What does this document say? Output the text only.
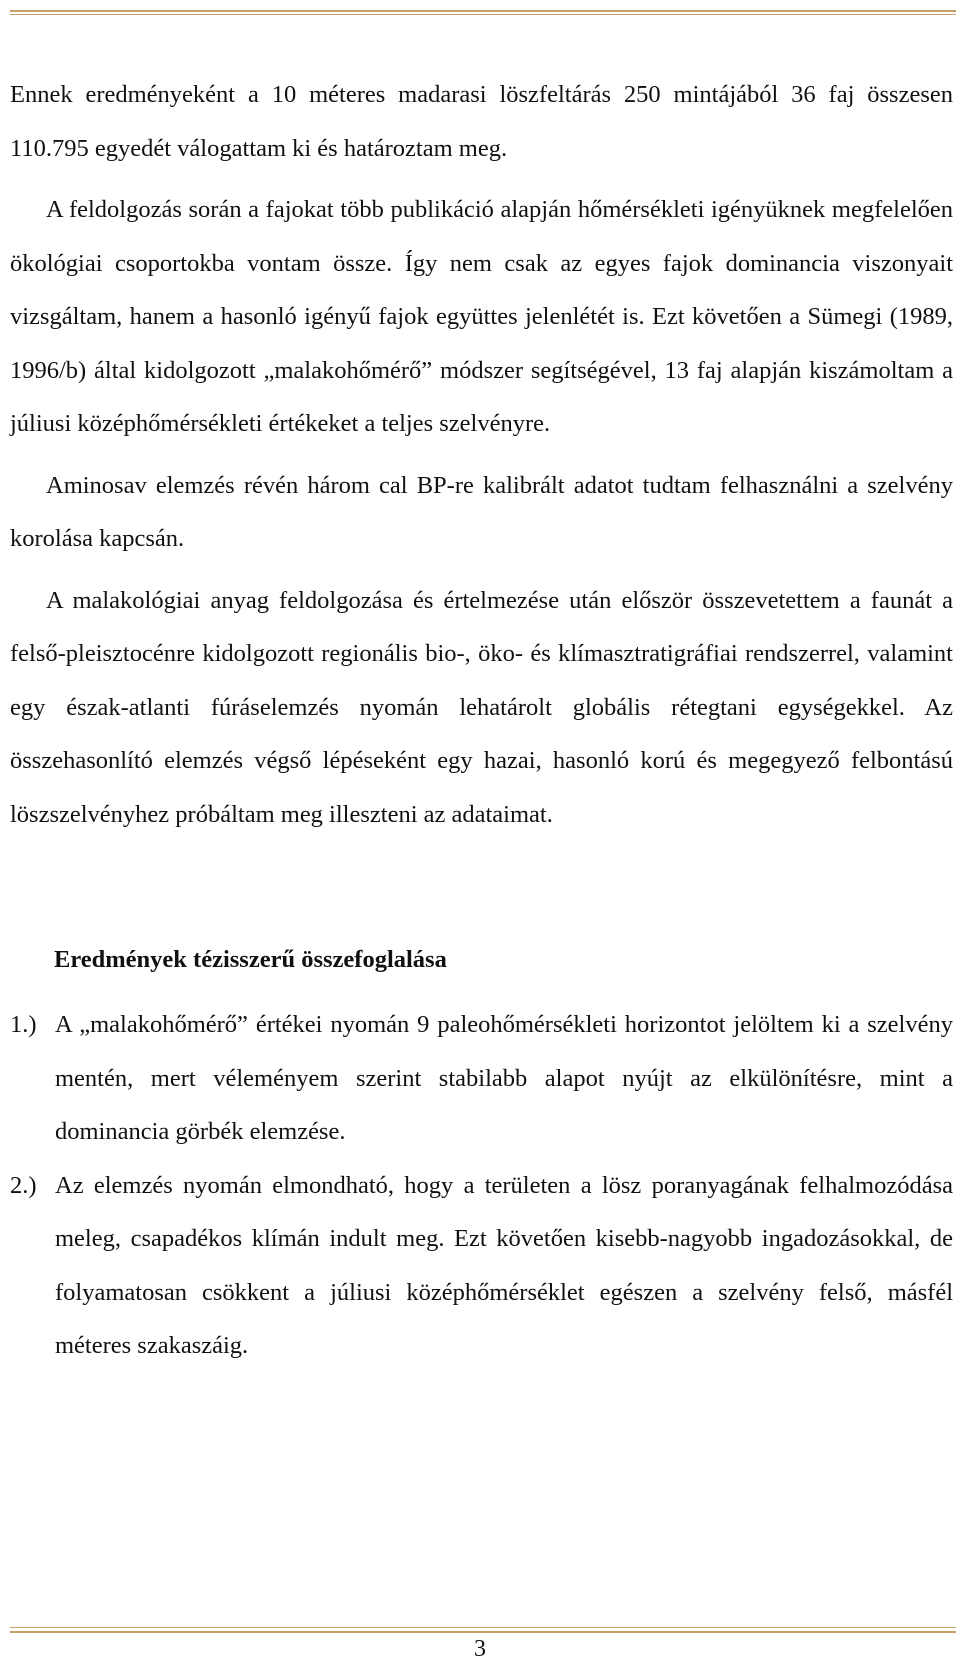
Ennek eredményeként a 10 méteres madarasi löszfeltárás 250 mintájából 36 faj összesen 110.795 egyedét válogattam ki és határoztam meg.

A feldolgozás során a fajokat több publikáció alapján hőmérsékleti igényüknek megfelelően ökológiai csoportokba vontam össze. Így nem csak az egyes fajok dominancia viszonyait vizsgáltam, hanem a hasonló igényű fajok együttes jelenlétét is. Ezt követően a Sümegi (1989, 1996/b) által kidolgozott „malakohőmérő” módszer segítségével, 13 faj alapján kiszámoltam a júliusi középhőmérsékleti értékeket a teljes szelvényre.

Aminosav elemzés révén három cal BP-re kalibrált adatot tudtam felhasználni a szelvény korolása kapcsán.

A malakológiai anyag feldolgozása és értelmezése után először összevetettem a faunát a felső-pleisztocénre kidolgozott regionális bio-, öko- és klímasztratigráfiai rendszerrel, valamint egy észak-atlanti fúráselemzés nyomán lehatárolt globális rétegtani egységekkel. Az összehasonlító elemzés végső lépéseként egy hazai, hasonló korú és megegyező felbontású löszszelvényhez próbáltam meg illeszteni az adataimat.

Eredmények tézisszerű összefoglalása
1.) A „malakohőmérő” értékei nyomán 9 paleohőmérsékleti horizontot jelöltem ki a szelvény mentén, mert véleményem szerint stabilabb alapot nyújt az elkülönítésre, mint a dominancia görbék elemzése.
2.) Az elemzés nyomán elmondható, hogy a területen a lösz poranyagának felhalmozódása meleg, csapadékos klímán indult meg. Ezt követően kisebb-nagyobb ingadozásokkal, de folyamatosan csökkent a júliusi középhőmérséklet egészen a szelvény felső, másfél méteres szakaszáig.
3
